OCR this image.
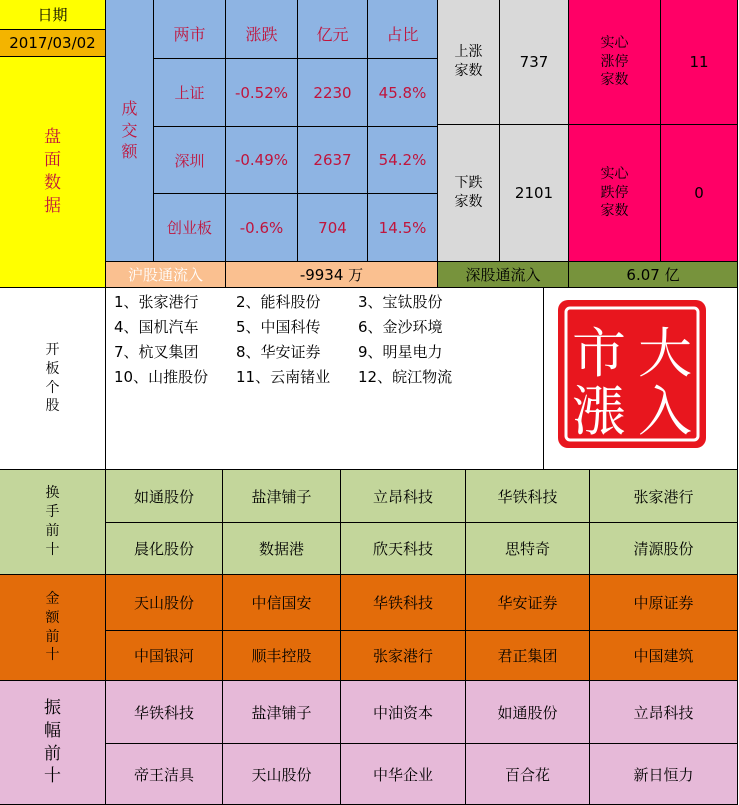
日期
2017/03/02
盘
面
数
据
成
交
额
两市	涨跌	亿元	占比
上证	-0.52%	2230	45.8%
深圳	-0.49%	2637	54.2%
创业板	-0.6%	704	14.5%
上涨
家数	737
下跌
家数	2101
实心
涨停
家数
11
实心
跌停
家数
0
沪股通流入	-9934 万	深股通流入	6.07 亿
开
板
个
股
1、张家港行 2、能科股份 3、宝钛股份
4、国机汽车 5、中国科传 6、金沙环境
7、杭叉集团 8、华安证券 9、明星电力
10、山推股份 11、云南锗业 12、皖江物流	市 大
漲 入
换
手
前
十
如通股份	盐津铺子	立昂科技	华铁科技	张家港行
晨化股份	数据港	欣天科技	思特奇	清源股份
金
额
前
十
天山股份	中信国安	华铁科技	华安证券	中原证券
中国银河	顺丰控股	张家港行	君正集团	中国建筑
振
幅
前
十
华铁科技	盐津铺子	中油资本	如通股份	立昂科技
帝王洁具	天山股份	中华企业	百合花	新日恒力
